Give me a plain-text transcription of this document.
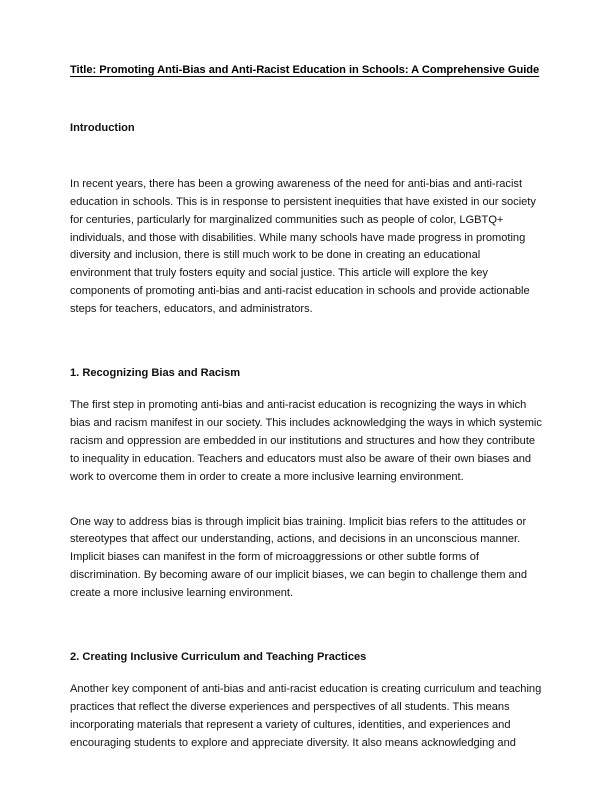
Title: Promoting Anti-Bias and Anti-Racist Education in Schools: A Comprehensive Guide
Introduction

In recent years, there has been a growing awareness of the need for anti-bias and anti-racist education in schools. This is in response to persistent inequities that have existed in our society for centuries, particularly for marginalized communities such as people of color, LGBTQ+ individuals, and those with disabilities. While many schools have made progress in promoting diversity and inclusion, there is still much work to be done in creating an educational environment that truly fosters equity and social justice. This article will explore the key components of promoting anti-bias and anti-racist education in schools and provide actionable steps for teachers, educators, and administrators.

1. Recognizing Bias and Racism

The first step in promoting anti-bias and anti-racist education is recognizing the ways in which bias and racism manifest in our society. This includes acknowledging the ways in which systemic racism and oppression are embedded in our institutions and structures and how they contribute to inequality in education. Teachers and educators must also be aware of their own biases and work to overcome them in order to create a more inclusive learning environment.

One way to address bias is through implicit bias training. Implicit bias refers to the attitudes or stereotypes that affect our understanding, actions, and decisions in an unconscious manner. Implicit biases can manifest in the form of microaggressions or other subtle forms of discrimination. By becoming aware of our implicit biases, we can begin to challenge them and create a more inclusive learning environment.

2. Creating Inclusive Curriculum and Teaching Practices

Another key component of anti-bias and anti-racist education is creating curriculum and teaching practices that reflect the diverse experiences and perspectives of all students. This means incorporating materials that represent a variety of cultures, identities, and experiences and encouraging students to explore and appreciate diversity. It also means acknowledging and
